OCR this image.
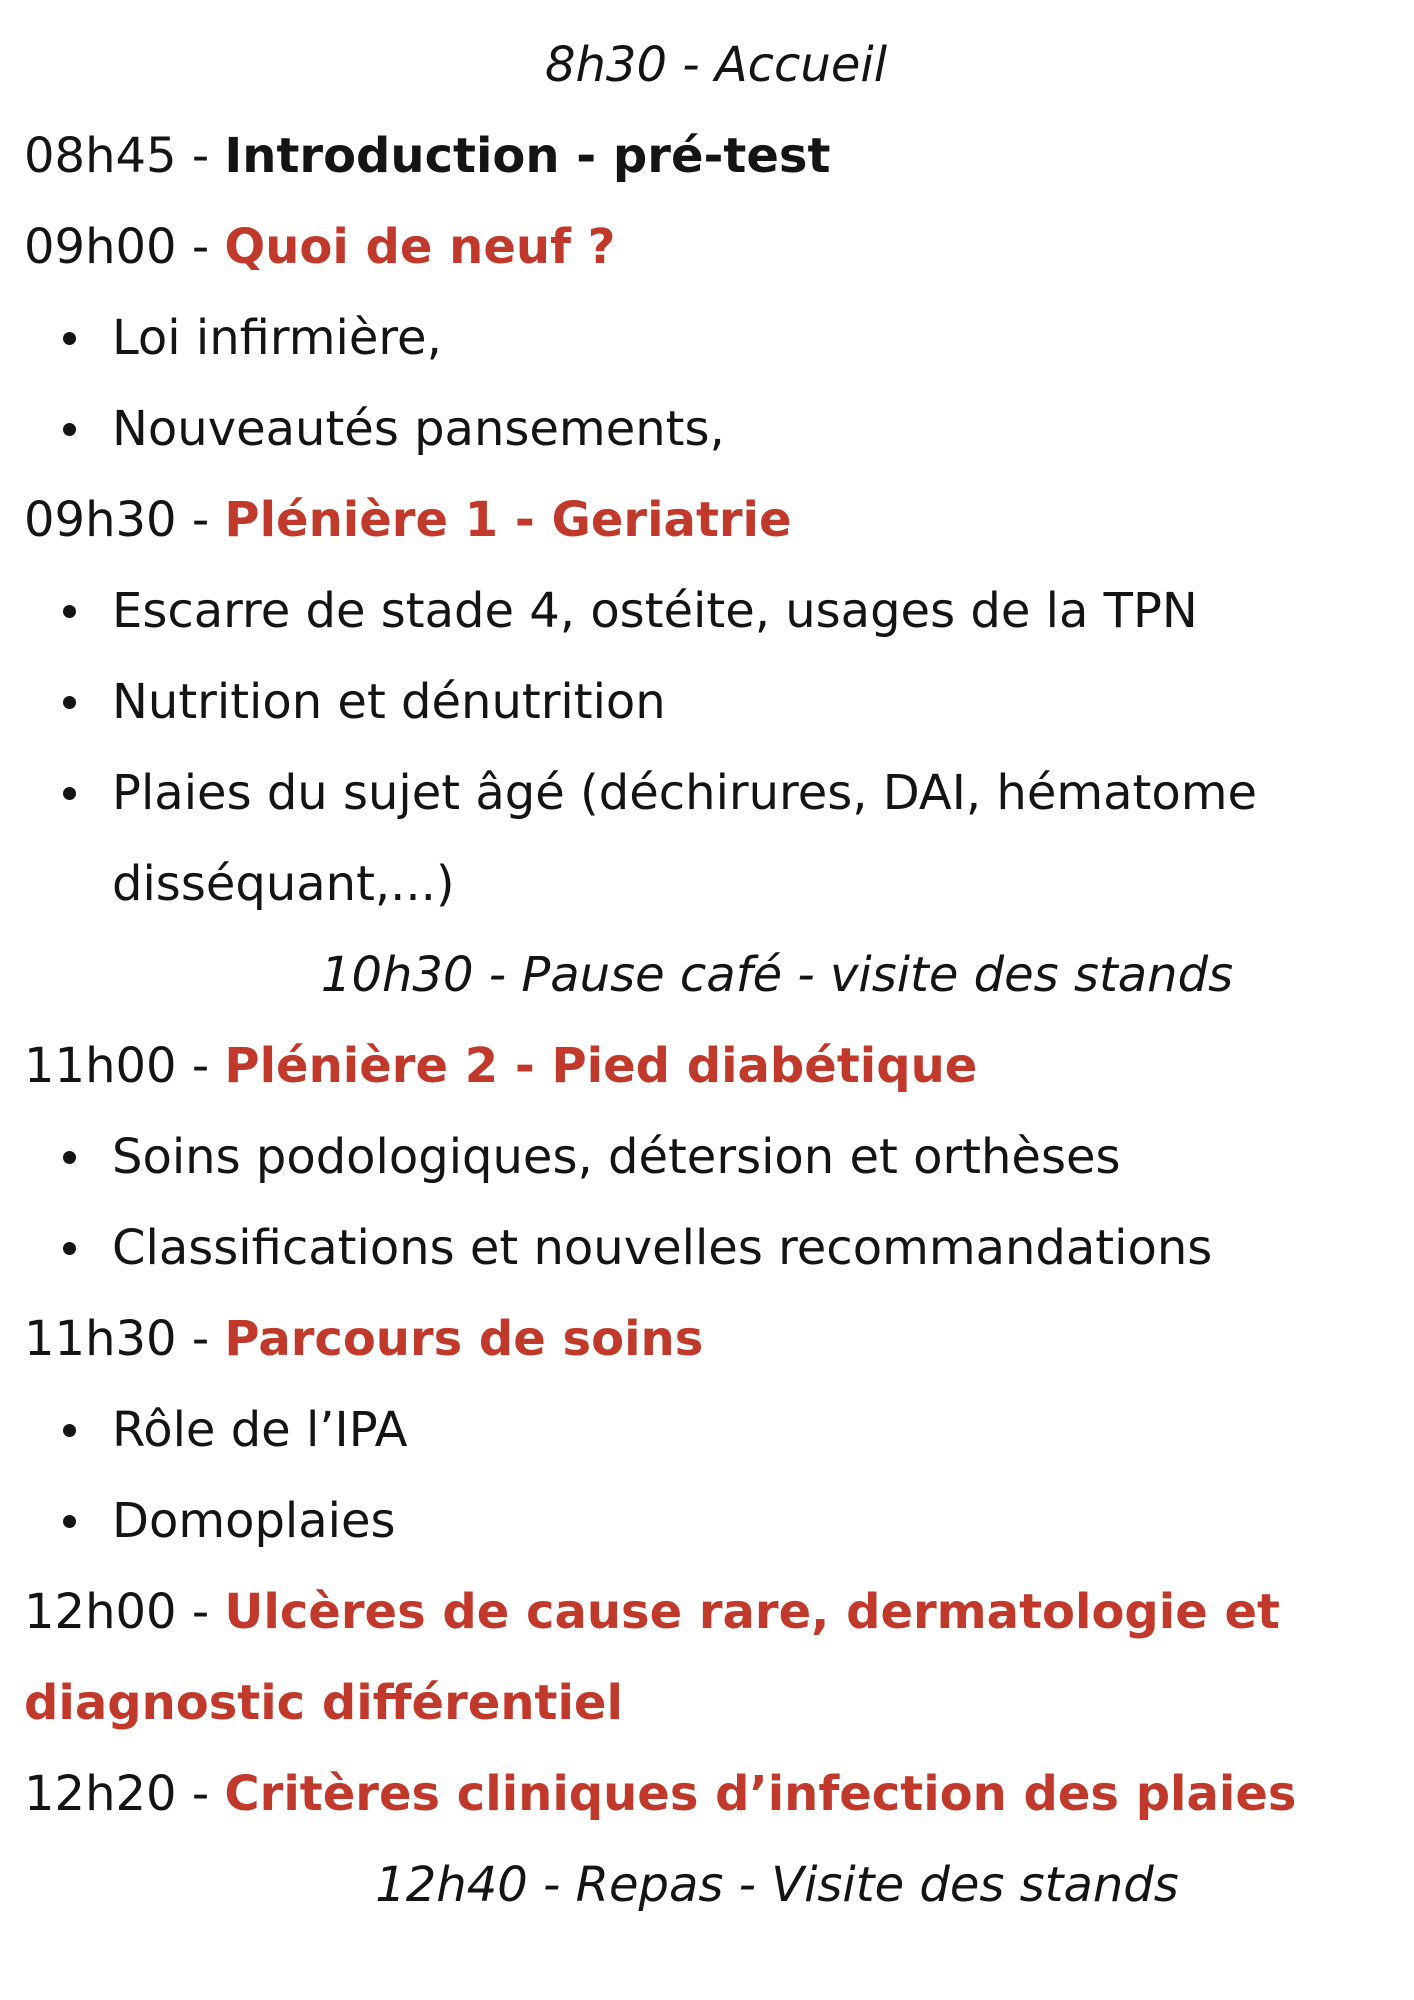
8h30 - Accueil
08h45 - Introduction - pré-test
09h00 - Quoi de neuf ?
Loi infirmière,
Nouveautés pansements,
09h30 - Plénière 1 - Geriatrie
Escarre de stade 4, ostéite, usages de la TPN
Nutrition et dénutrition
Plaies du sujet âgé (déchirures, DAI, hématome
disséquant,...)
10h30 - Pause café - visite des stands
11h00 - Plénière 2 - Pied diabétique
Soins podologiques, détersion et orthèses
Classifications et nouvelles recommandations
11h30 - Parcours de soins
Rôle de l’IPA
Domoplaies
12h00 - Ulcères de cause rare, dermatologie et
diagnostic différentiel
12h20 - Critères cliniques d’infection des plaies
12h40 - Repas - Visite des stands
